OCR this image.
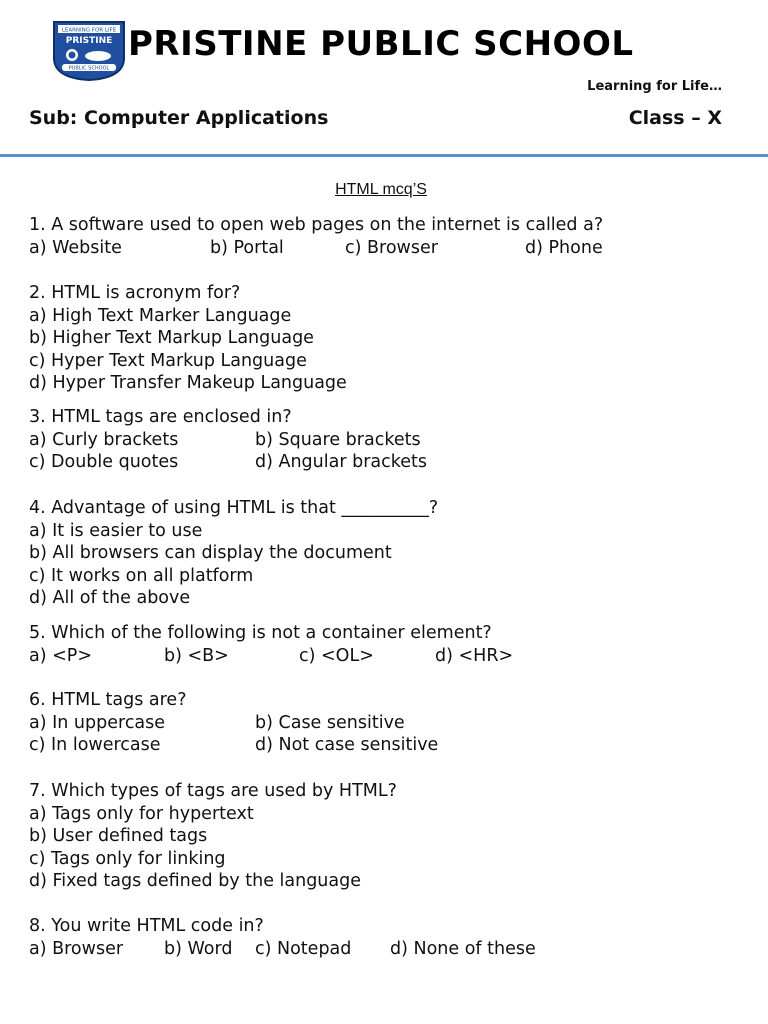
LEARNING FOR LIFE
PRISTINE
PUBLIC SCHOOL
PRISTINE PUBLIC SCHOOL
Learning for Life…
Sub: Computer Applications	Class – X
HTML mcq’S
1. A software used to open web pages on the internet is called a?
a) Website	b) Portal	c) Browser	d) Phone
2. HTML is acronym for?
a) High Text Marker Language
b) Higher Text Markup Language
c) Hyper Text Markup Language
d) Hyper Transfer Makeup Language
3. HTML tags are enclosed in?
a) Curly brackets	b) Square brackets
c) Double quotes	d) Angular brackets
4. Advantage of using HTML is that __________?
a) It is easier to use
b) All browsers can display the document
c) It works on all platform
d) All of the above
5. Which of the following is not a container element?
a) <P>	b) <B>	c) <OL>	d) <HR>
6. HTML tags are?
a) In uppercase	b) Case sensitive
c) In lowercase	d) Not case sensitive
7. Which types of tags are used by HTML?
a) Tags only for hypertext
b) User defined tags
c) Tags only for linking
d) Fixed tags defined by the language
8. You write HTML code in?
a) Browser b) Word c) Notepad d) None of these
